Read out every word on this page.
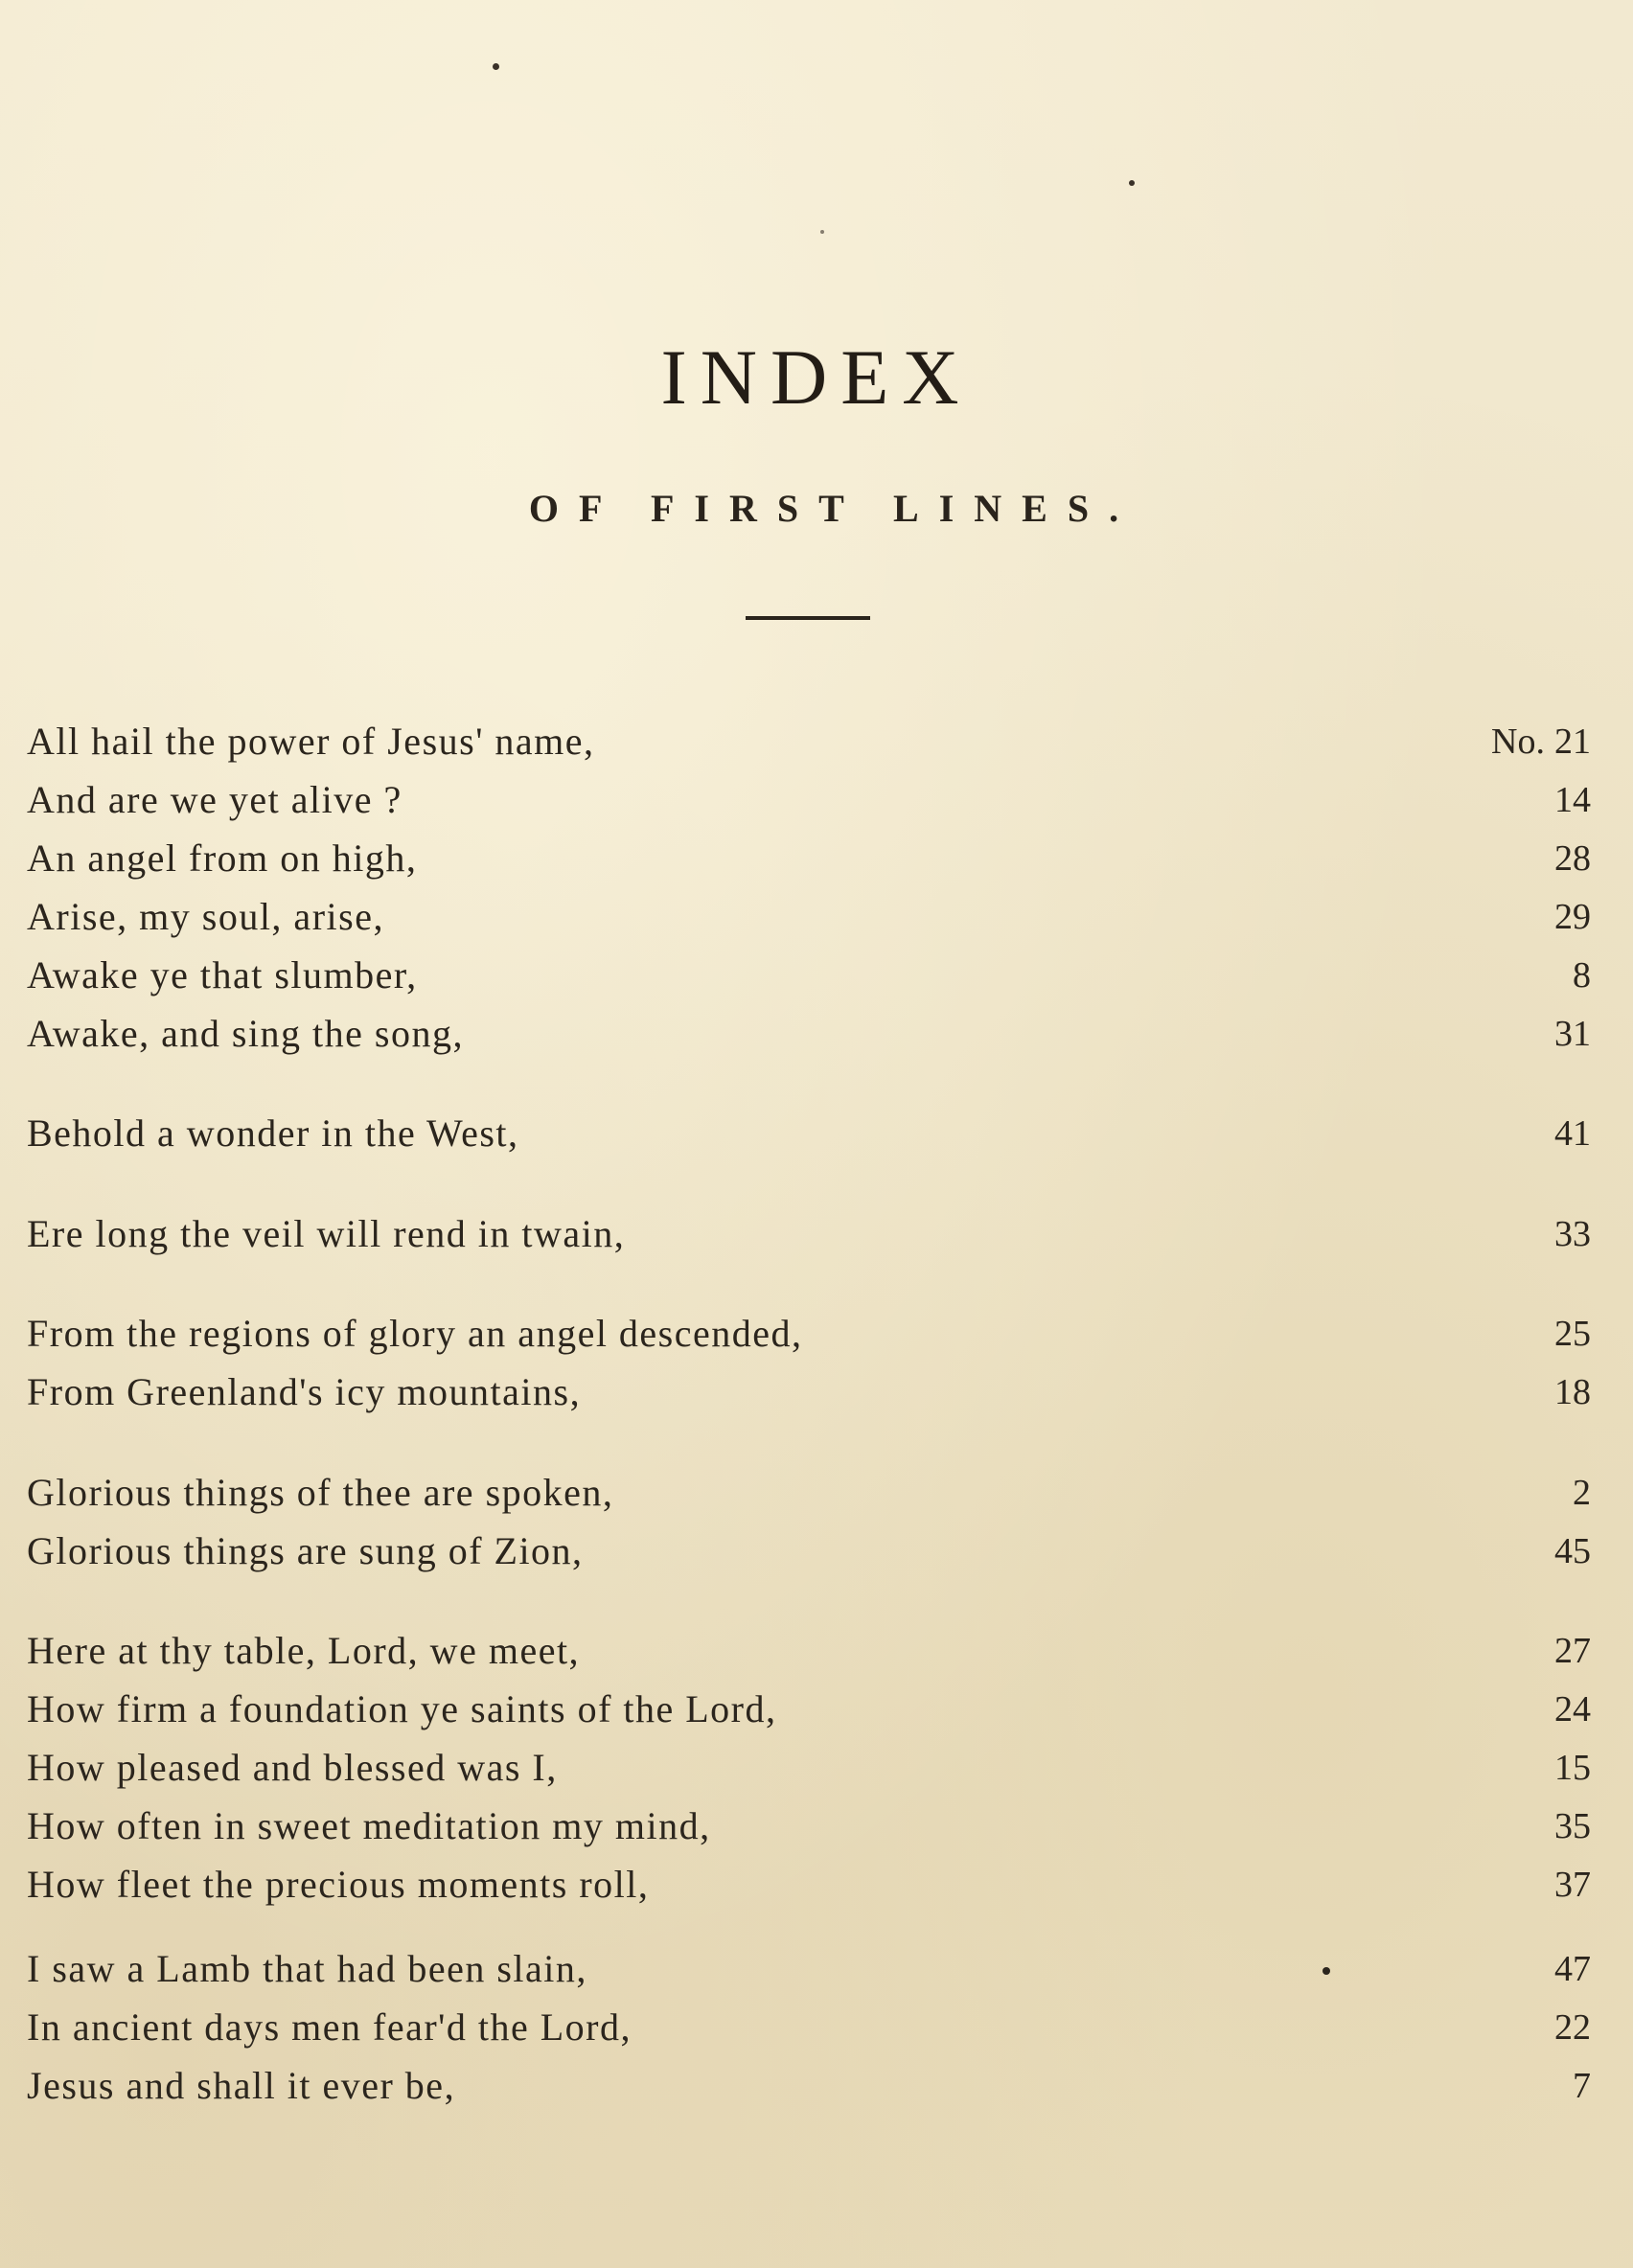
INDEX
OF FIRST LINES.
All hail the power of Jesus' name,	No. 21
And are we yet alive ?	14
An angel from on high,	28
Arise, my soul, arise,	29
Awake ye that slumber,	8
Awake, and sing the song,	31
Behold a wonder in the West,	41
Ere long the veil will rend in twain,	33
From the regions of glory an angel descended,	25
From Greenland's icy mountains,	18
Glorious things of thee are spoken,	2
Glorious things are sung of Zion,	45
Here at thy table, Lord, we meet,	27
How firm a foundation ye saints of the Lord,	24
How pleased and blessed was I,	15
How often in sweet meditation my mind,	35
How fleet the precious moments roll,	37
I saw a Lamb that had been slain,	47
In ancient days men fear'd the Lord,	22
Jesus and shall it ever be,	7
